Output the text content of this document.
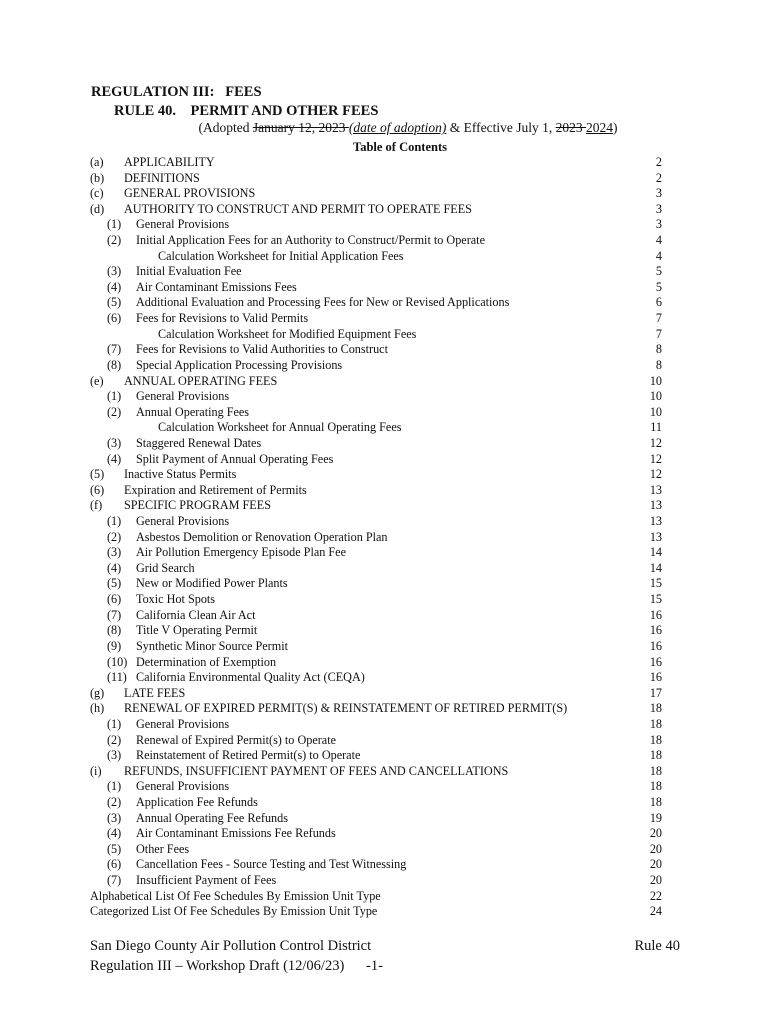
REGULATION III:   FEES
RULE 40.    PERMIT AND OTHER FEES
(Adopted January 12, 2023 (date of adoption) & Effective July 1, 2023 2024)
Table of Contents
(a) APPLICABILITY	2
(b) DEFINITIONS	2
(c) GENERAL PROVISIONS	3
(d) AUTHORITY TO CONSTRUCT AND PERMIT TO OPERATE FEES	3
(1) General Provisions	3
(2) Initial Application Fees for an Authority to Construct/Permit to Operate	4
Calculation Worksheet for Initial Application Fees	4
(3) Initial Evaluation Fee	5
(4) Air Contaminant Emissions Fees	5
(5) Additional Evaluation and Processing Fees for New or Revised Applications	6
(6) Fees for Revisions to Valid Permits	7
Calculation Worksheet for Modified Equipment Fees	7
(7) Fees for Revisions to Valid Authorities to Construct	8
(8) Special Application Processing Provisions	8
(e) ANNUAL OPERATING FEES	10
(1) General Provisions	10
(2) Annual Operating Fees	10
Calculation Worksheet for Annual Operating Fees	11
(3) Staggered Renewal Dates	12
(4) Split Payment of Annual Operating Fees	12
(5) Inactive Status Permits	12
(6) Expiration and Retirement of Permits	13
(f) SPECIFIC PROGRAM FEES	13
(1) General Provisions	13
(2) Asbestos Demolition or Renovation Operation Plan	13
(3) Air Pollution Emergency Episode Plan Fee	14
(4) Grid Search	14
(5) New or Modified Power Plants	15
(6) Toxic Hot Spots	15
(7) California Clean Air Act	16
(8) Title V Operating Permit	16
(9) Synthetic Minor Source Permit	16
(10) Determination of Exemption	16
(11) California Environmental Quality Act (CEQA)	16
(g) LATE FEES	17
(h) RENEWAL OF EXPIRED PERMIT(S) & REINSTATEMENT OF RETIRED PERMIT(S)	18
(1) General Provisions	18
(2) Renewal of Expired Permit(s) to Operate	18
(3) Reinstatement of Retired Permit(s) to Operate	18
(i) REFUNDS, INSUFFICIENT PAYMENT OF FEES AND CANCELLATIONS	18
(1) General Provisions	18
(2) Application Fee Refunds	18
(3) Annual Operating Fee Refunds	19
(4) Air Contaminant Emissions Fee Refunds	20
(5) Other Fees	20
(6) Cancellation Fees - Source Testing and Test Witnessing	20
(7) Insufficient Payment of Fees	20
Alphabetical List Of Fee Schedules By Emission Unit Type	22
Categorized List Of Fee Schedules By Emission Unit Type	24
San Diego County Air Pollution Control District	Rule 40
Regulation III – Workshop Draft (12/06/23)      -1-
